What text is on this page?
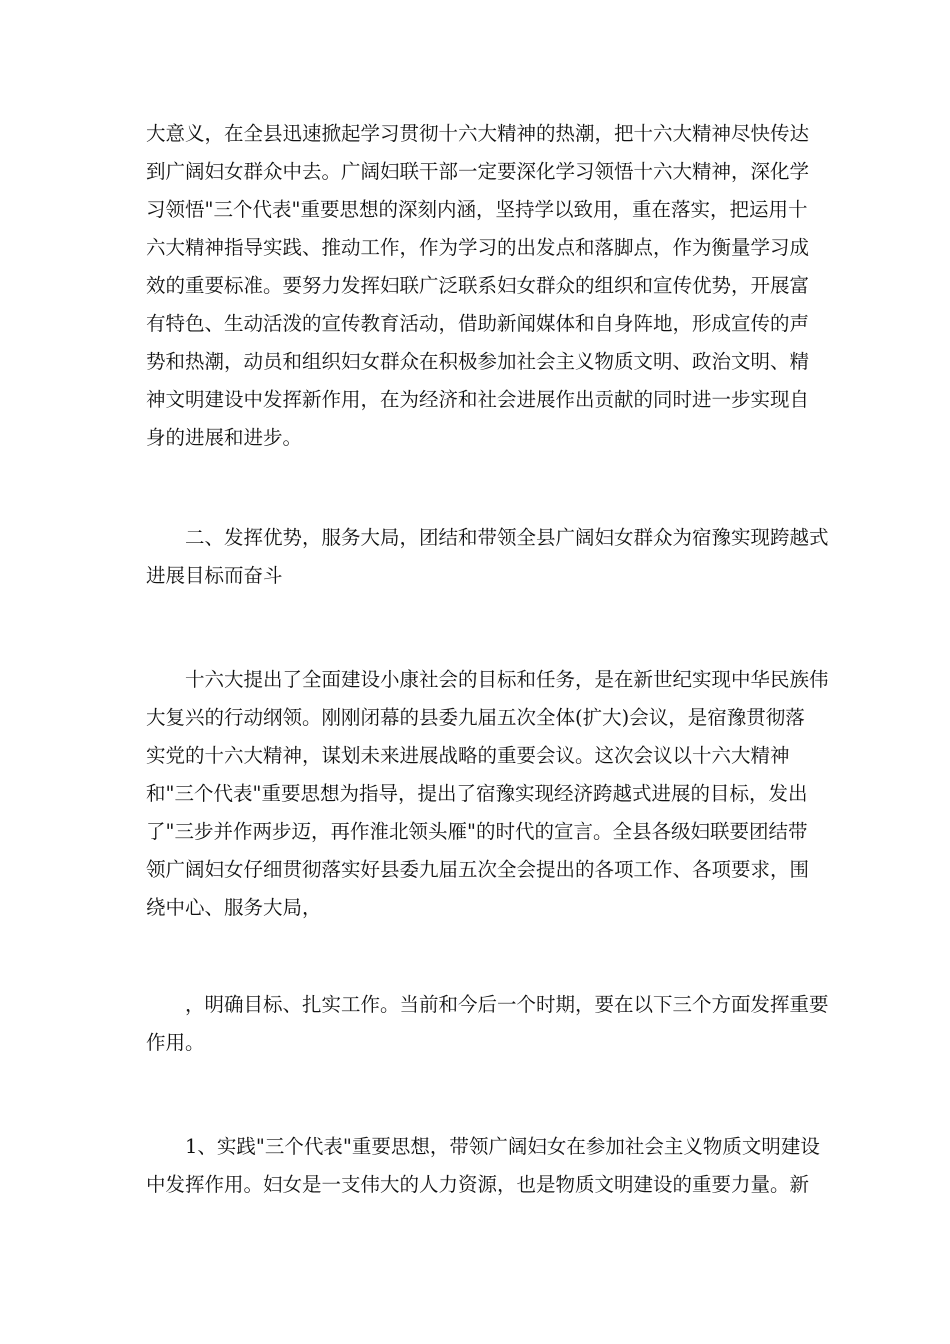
大意义，在全县迅速掀起学习贯彻十六大精神的热潮，把十六大精神尽快传达
到广阔妇女群众中去。广阔妇联干部一定要深化学习领悟十六大精神，深化学
习领悟"三个代表"重要思想的深刻内涵，坚持学以致用，重在落实，把运用十
六大精神指导实践、推动工作，作为学习的出发点和落脚点，作为衡量学习成
效的重要标准。要努力发挥妇联广泛联系妇女群众的组织和宣传优势，开展富
有特色、生动活泼的宣传教育活动，借助新闻媒体和自身阵地，形成宣传的声
势和热潮，动员和组织妇女群众在积极参加社会主义物质文明、政治文明、精
神文明建设中发挥新作用，在为经济和社会进展作出贡献的同时进一步实现自
身的进展和进步。
　　二、发挥优势，服务大局，团结和带领全县广阔妇女群众为宿豫实现跨越式
进展目标而奋斗
　　十六大提出了全面建设小康社会的目标和任务，是在新世纪实现中华民族伟
大复兴的行动纲领。刚刚闭幕的县委九届五次全体(扩大)会议，是宿豫贯彻落
实党的十六大精神，谋划未来进展战略的重要会议。这次会议以十六大精神
和"三个代表"重要思想为指导，提出了宿豫实现经济跨越式进展的目标，发出
了"三步并作两步迈，再作淮北领头雁"的时代的宣言。全县各级妇联要团结带
领广阔妇女仔细贯彻落实好县委九届五次全会提出的各项工作、各项要求，围
绕中心、服务大局，
　　，明确目标、扎实工作。当前和今后一个时期，要在以下三个方面发挥重要
作用。
　　1、实践"三个代表"重要思想，带领广阔妇女在参加社会主义物质文明建设
中发挥作用。妇女是一支伟大的人力资源，也是物质文明建设的重要力量。新
